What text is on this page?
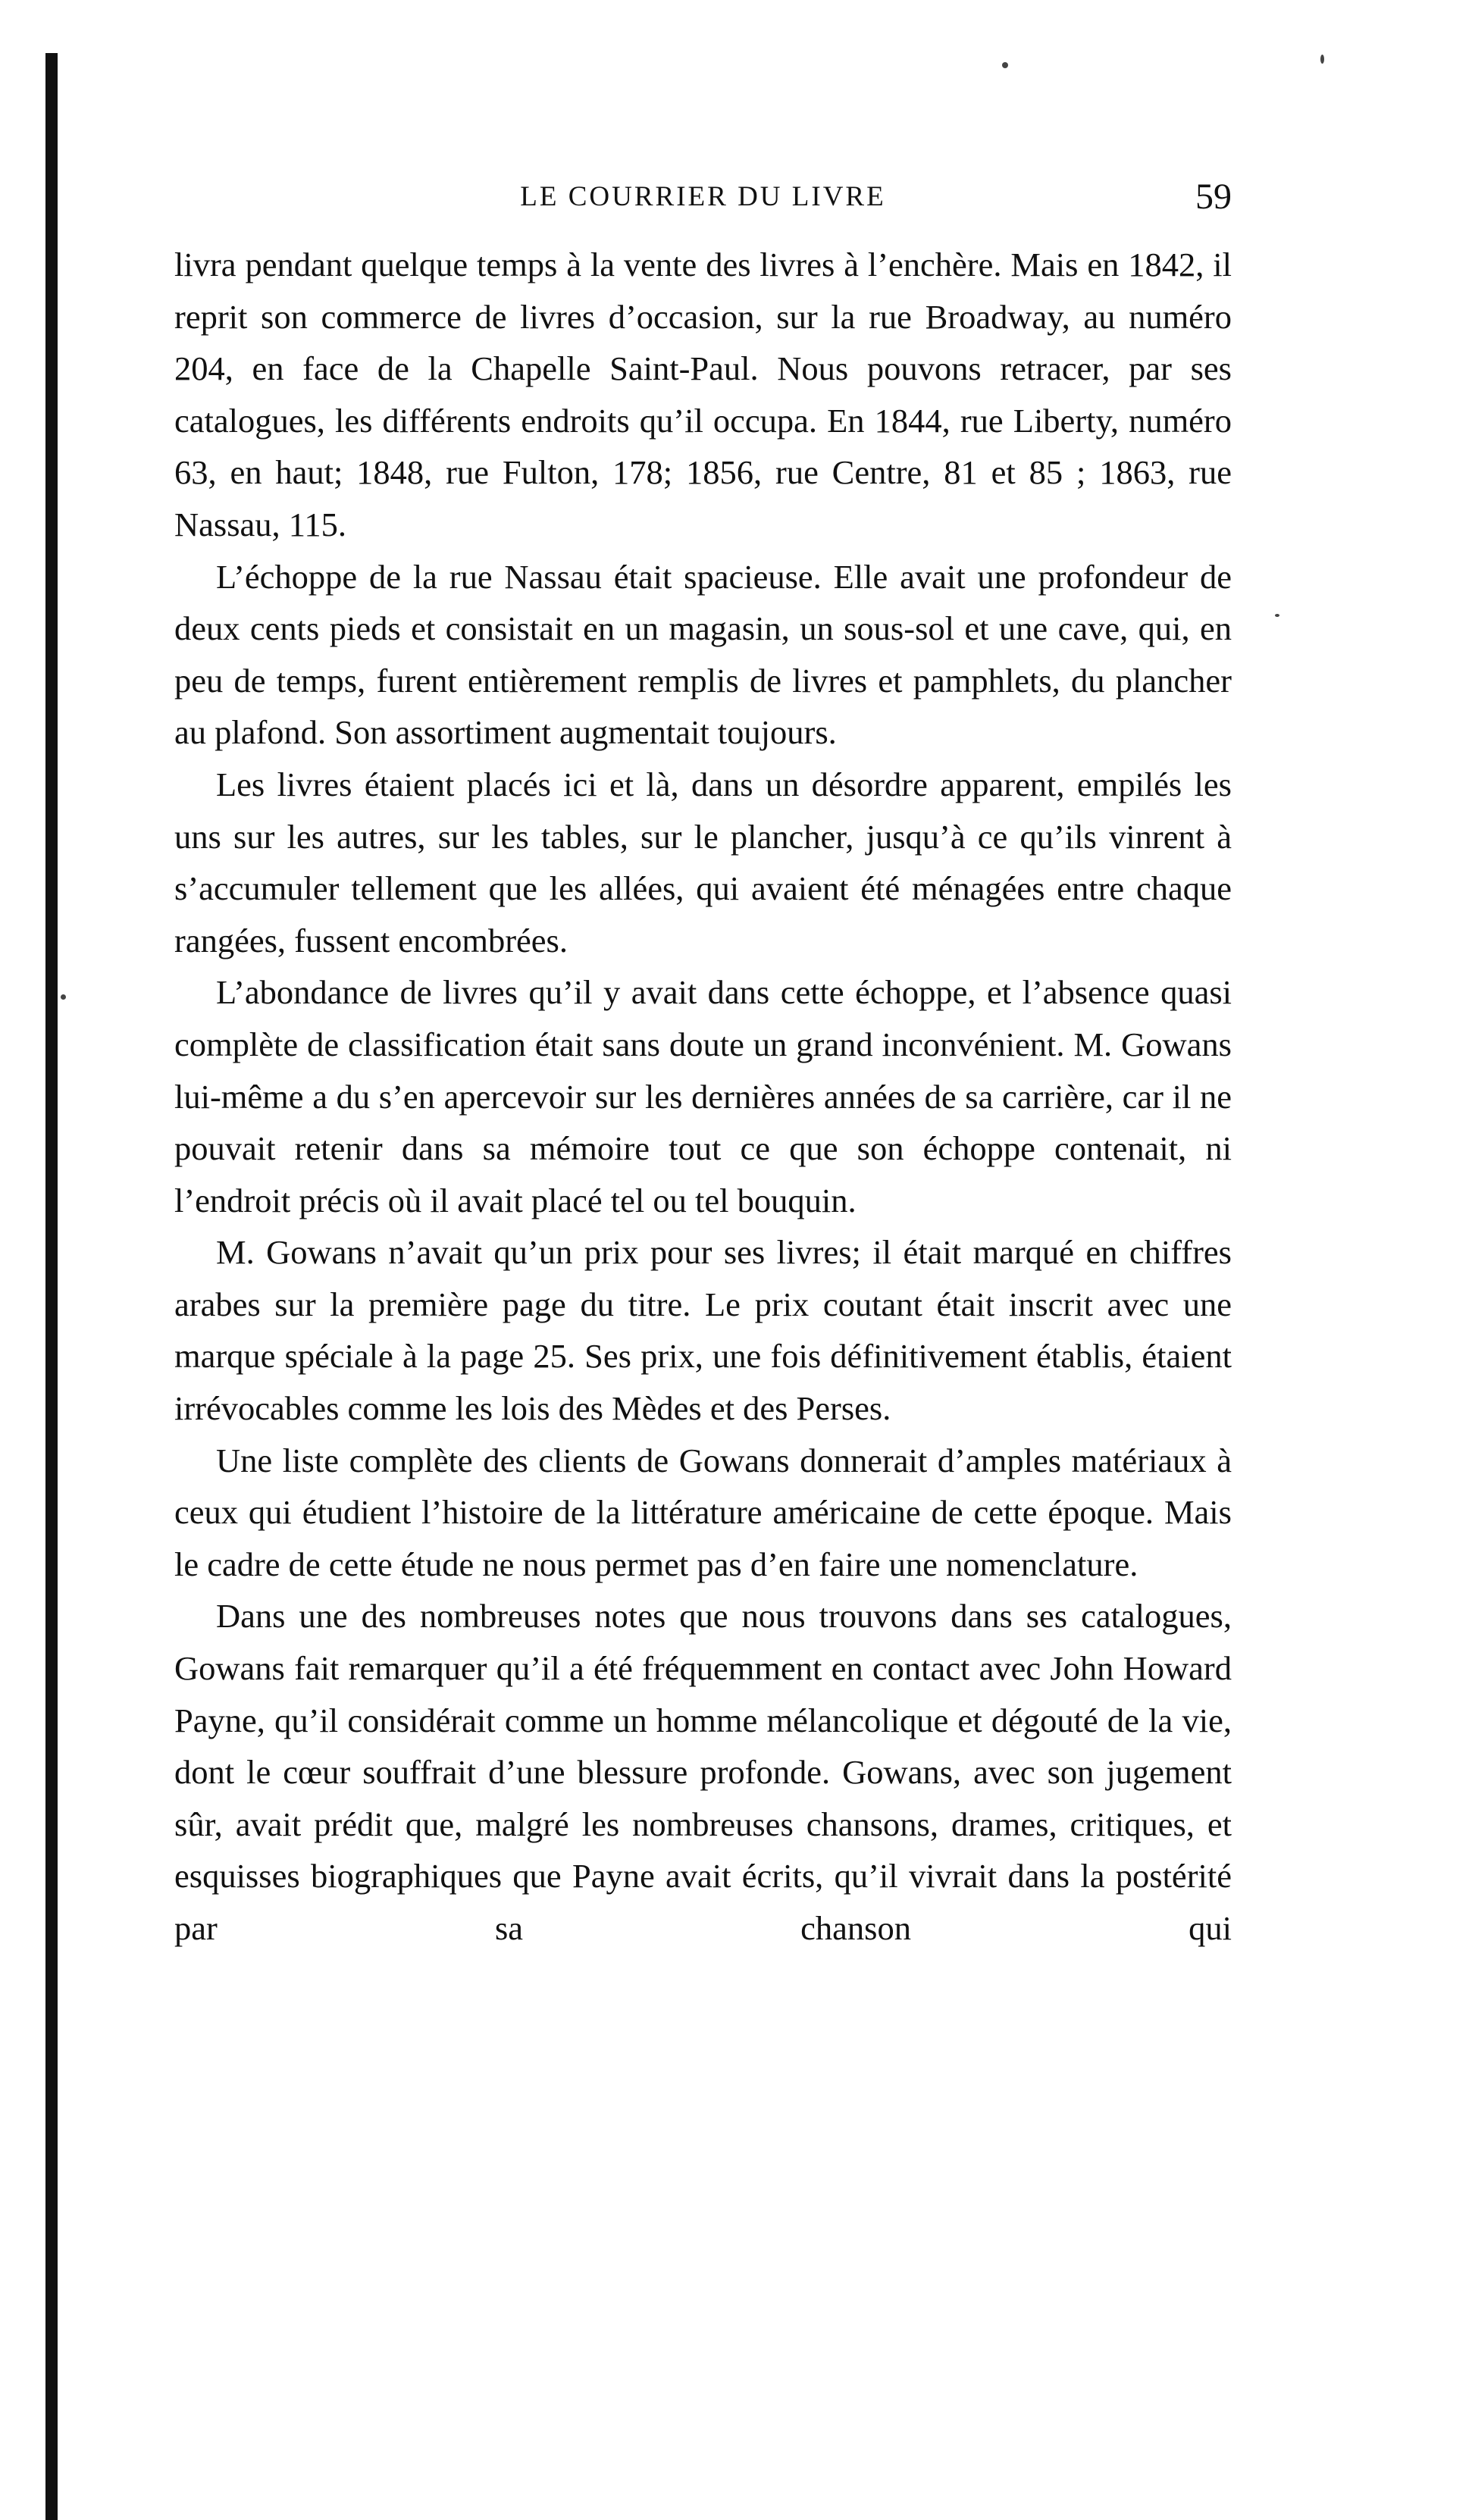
LE COURRIER DU LIVRE	59

livra pendant quelque temps à la vente des livres à l’enchère. Mais en 1842, il reprit son commerce de livres d’occasion, sur la rue Broadway, au numéro 204, en face de la Chapelle Saint-Paul. Nous pouvons retracer, par ses catalogues, les différents endroits qu’il occupa. En 1844, rue Liberty, numéro 63, en haut; 1848, rue Fulton, 178; 1856, rue Centre, 81 et 85 ; 1863, rue Nassau, 115.

L’échoppe de la rue Nassau était spacieuse. Elle avait une profondeur de deux cents pieds et consistait en un magasin, un sous-sol et une cave, qui, en peu de temps, furent entièrement remplis de livres et pamphlets, du plancher au plafond. Son assortiment augmentait toujours.

Les livres étaient placés ici et là, dans un désordre apparent, empilés les uns sur les autres, sur les tables, sur le plancher, jusqu’à ce qu’ils vinrent à s’accumuler tellement que les allées, qui avaient été ménagées entre chaque rangées, fussent encombrées.

L’abondance de livres qu’il y avait dans cette échoppe, et l’absence quasi complète de classification était sans doute un grand inconvénient. M. Gowans lui-même a du s’en apercevoir sur les dernières années de sa carrière, car il ne pouvait retenir dans sa mémoire tout ce que son échoppe contenait, ni l’endroit précis où il avait placé tel ou tel bouquin.

M. Gowans n’avait qu’un prix pour ses livres; il était marqué en chiffres arabes sur la première page du titre. Le prix coutant était inscrit avec une marque spéciale à la page 25. Ses prix, une fois définitivement établis, étaient irrévocables comme les lois des Mèdes et des Perses.

Une liste complète des clients de Gowans donnerait d’amples matériaux à ceux qui étudient l’histoire de la littérature américaine de cette époque. Mais le cadre de cette étude ne nous permet pas d’en faire une nomenclature.

Dans une des nombreuses notes que nous trouvons dans ses catalogues, Gowans fait remarquer qu’il a été fréquemment en contact avec John Howard Payne, qu’il considérait comme un homme mélancolique et dégouté de la vie, dont le cœur souffrait d’une blessure profonde. Gowans, avec son jugement sûr, avait prédit que, malgré les nombreuses chansons, drames, critiques, et esquisses biographiques que Payne avait écrits, qu’il vivrait dans la postérité par sa chanson qui
